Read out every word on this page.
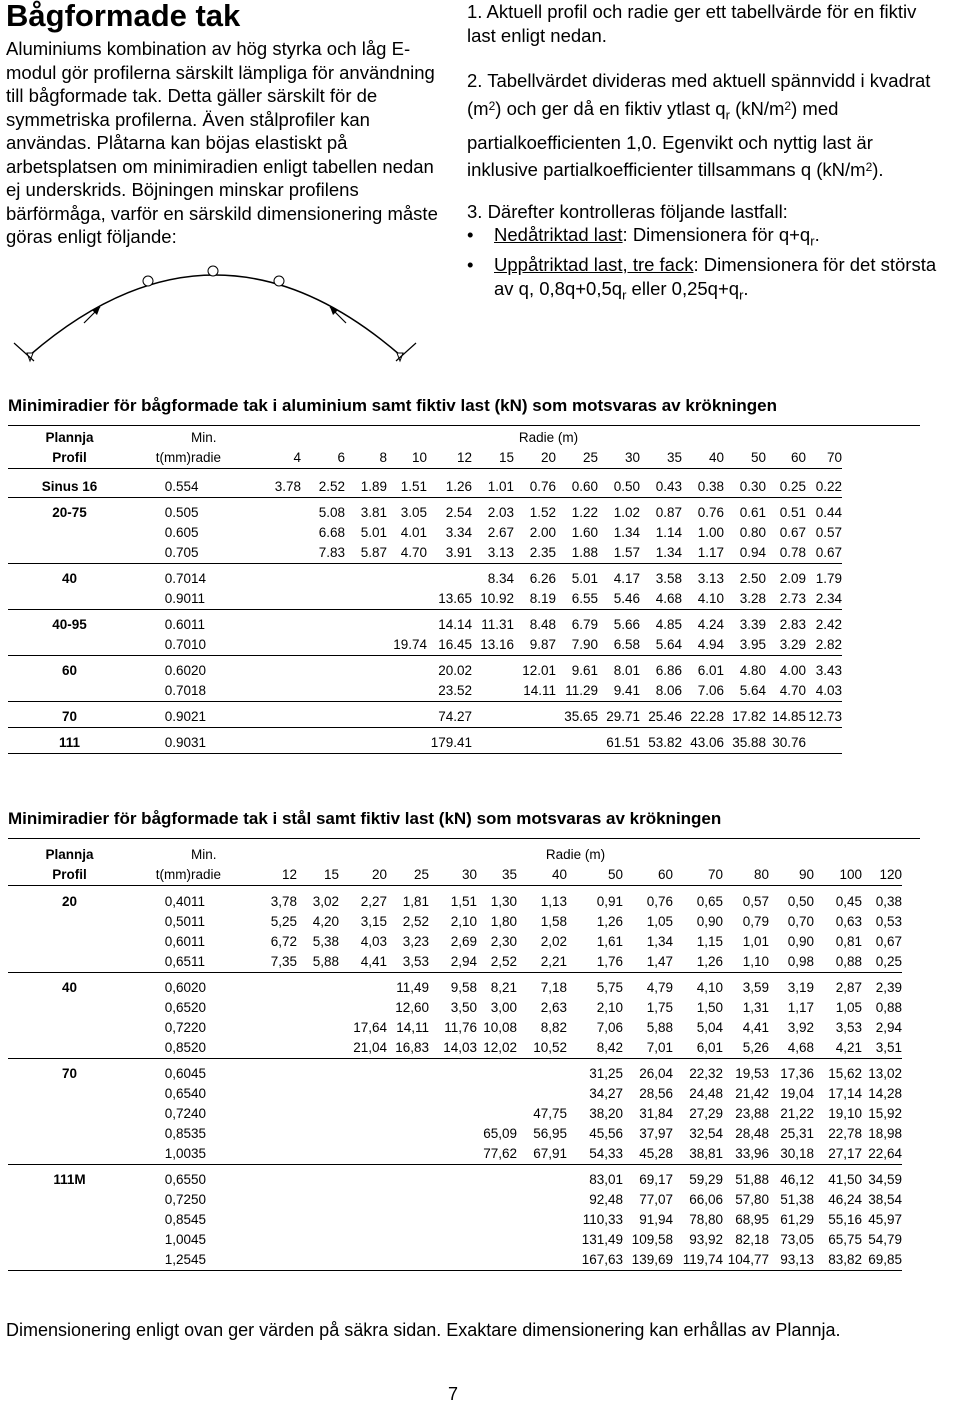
Bågformade tak
Aluminiums kombination av hög styrka och låg E-modul gör profilerna särskilt lämpliga för användning till bågformade tak. Detta gäller särskilt för de symmetriska profilerna. Även stålprofiler kan användas. Plåtarna kan böjas elastiskt på arbetsplatsen om minimiradien enligt tabellen nedan ej underskrids. Böjningen minskar profilens bärförmåga, varför en särskild dimensionering måste göras enligt följande:

1. Aktuell profil och radie ger ett tabellvärde för en fiktiv last enligt nedan.

2. Tabellvärdet divideras med aktuell spännvidd i kvadrat $(m^2)$ och ger då en fiktiv ytlast $q_r$ $(kN/m^2)$ med partialkoefficienten 1,0. Egenvikt och nyttig last är inklusive partialkoefficienter tillsammans q $(kN/m^2)$.

3. Därefter kontrolleras följande lastfall:

• Nedåtriktad last: Dimensionera för $q+q_r$.

• Uppåtriktad last, tre fack: Dimensionera för det största av q, $0,8q+0,5q_r$ eller $0,25q+q_r$.

Minimiradier för bågformade tak i aluminium samt fiktiv last (kN) som motsvaras av krökningen
Plannja		Min.	Radie (m)													
Profil	t(mm)	radie	4	6	8	10	12	15	20	25	30	35	40	50	60	70

Sinus 16	0.55	4	3.78	2.52	1.89	1.51	1.26	1.01	0.76	0.60	0.50	0.43	0.38	0.30	0.25	0.22

20-75	0.50	5		5.08	3.81	3.05	2.54	2.03	1.52	1.22	1.02	0.87	0.76	0.61	0.51	0.44
	0.60	5		6.68	5.01	4.01	3.34	2.67	2.00	1.60	1.34	1.14	1.00	0.80	0.67	0.57
	0.70	5		7.83	5.87	4.70	3.91	3.13	2.35	1.88	1.57	1.34	1.17	0.94	0.78	0.67

40	0.70	14						8.34	6.26	5.01	4.17	3.58	3.13	2.50	2.09	1.79
	0.90	11					13.65	10.92	8.19	6.55	5.46	4.68	4.10	3.28	2.73	2.34

40-95	0.60	11					14.14	11.31	8.48	6.79	5.66	4.85	4.24	3.39	2.83	2.42
	0.70	10				19.74	16.45	13.16	9.87	7.90	6.58	5.64	4.94	3.95	3.29	2.82

60	0.60	20					20.02		12.01	9.61	8.01	6.86	6.01	4.80	4.00	3.43
	0.70	18					23.52		14.11	11.29	9.41	8.06	7.06	5.64	4.70	4.03

70	0.90	21					74.27			35.65	29.71	25.46	22.28	17.82	14.85	12.73

111	0.90	31					179.41				61.51	53.82	43.06	35.88	30.76	
Minimiradier för bågformade tak i stål samt fiktiv last (kN) som motsvaras av krökningen
Plannja		Min.	Radie (m)													
Profil	t(mm)	radie	12	15	20	25	30	35	40	50	60	70	80	90	100	120

20	0,40	11	3,78	3,02	2,27	1,81	1,51	1,30	1,13	0,91	0,76	0,65	0,57	0,50	0,45	0,38
	0,50	11	5,25	4,20	3,15	2,52	2,10	1,80	1,58	1,26	1,05	0,90	0,79	0,70	0,63	0,53
	0,60	11	6,72	5,38	4,03	3,23	2,69	2,30	2,02	1,61	1,34	1,15	1,01	0,90	0,81	0,67
	0,65	11	7,35	5,88	4,41	3,53	2,94	2,52	2,21	1,76	1,47	1,26	1,10	0,98	0,88	0,25

40	0,60	20				11,49	9,58	8,21	7,18	5,75	4,79	4,10	3,59	3,19	2,87	2,39
	0,65	20				12,60	3,50	3,00	2,63	2,10	1,75	1,50	1,31	1,17	1,05	0,88
	0,72	20			17,64	14,11	11,76	10,08	8,82	7,06	5,88	5,04	4,41	3,92	3,53	2,94
	0,85	20			21,04	16,83	14,03	12,02	10,52	8,42	7,01	6,01	5,26	4,68	4,21	3,51

70	0,60	45								31,25	26,04	22,32	19,53	17,36	15,62	13,02
	0,65	40								34,27	28,56	24,48	21,42	19,04	17,14	14,28
	0,72	40							47,75	38,20	31,84	27,29	23,88	21,22	19,10	15,92
	0,85	35						65,09	56,95	45,56	37,97	32,54	28,48	25,31	22,78	18,98
	1,00	35						77,62	67,91	54,33	45,28	38,81	33,96	30,18	27,17	22,64

111M	0,65	50								83,01	69,17	59,29	51,88	46,12	41,50	34,59
	0,72	50								92,48	77,07	66,06	57,80	51,38	46,24	38,54
	0,85	45								110,33	91,94	78,80	68,95	61,29	55,16	45,97
	1,00	45								131,49	109,58	93,92	82,18	73,05	65,75	54,79
	1,25	45								167,63	139,69	119,74	104,77	93,13	83,82	69,85
Dimensionering enligt ovan ger värden på säkra sidan. Exaktare dimensionering kan erhållas av Plannja.
7
